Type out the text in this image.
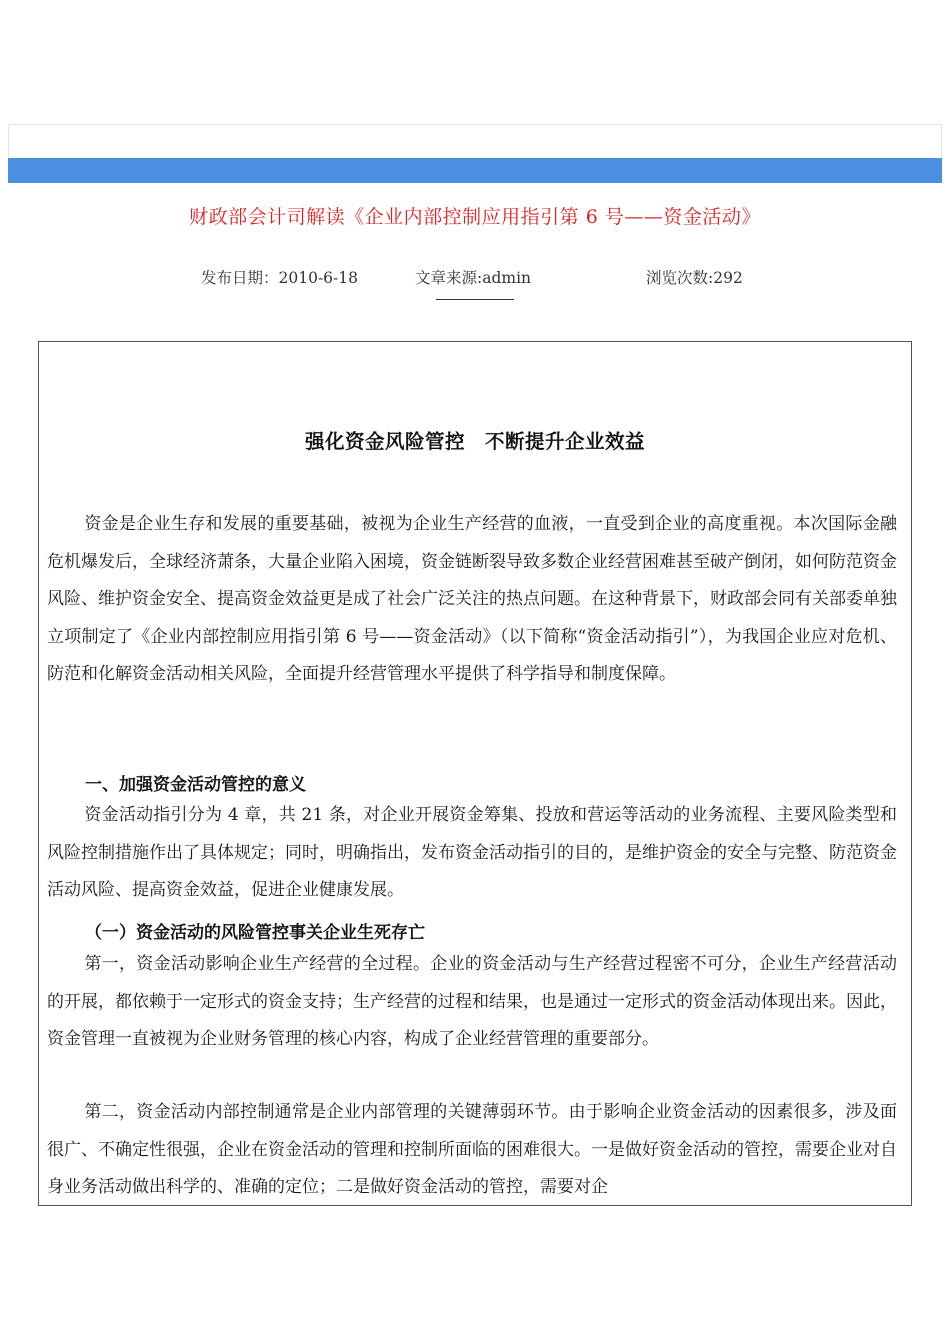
财政部会计司解读《企业内部控制应用指引第 6 号——资金活动》
发布日期：2010-6-18	文章来源:admin	浏览次数:292
强化资金风险管控　不断提升企业效益

资金是企业生存和发展的重要基础，被视为企业生产经营的血液，一直受到企业的高度重视。本次国际金融危机爆发后，全球经济萧条，大量企业陷入困境，资金链断裂导致多数企业经营困难甚至破产倒闭，如何防范资金风险、维护资金安全、提高资金效益更是成了社会广泛关注的热点问题。在这种背景下，财政部会同有关部委单独立项制定了《企业内部控制应用指引第 6 号——资金活动》（以下简称“资金活动指引”），为我国企业应对危机、防范和化解资金活动相关风险，全面提升经营管理水平提供了科学指导和制度保障。

一、加强资金活动管控的意义

资金活动指引分为 4 章，共 21 条，对企业开展资金筹集、投放和营运等活动的业务流程、主要风险类型和风险控制措施作出了具体规定；同时，明确指出，发布资金活动指引的目的，是维护资金的安全与完整、防范资金活动风险、提高资金效益，促进企业健康发展。

（一）资金活动的风险管控事关企业生死存亡

第一，资金活动影响企业生产经营的全过程。企业的资金活动与生产经营过程密不可分，企业生产经营活动的开展，都依赖于一定形式的资金支持；生产经营的过程和结果，也是通过一定形式的资金活动体现出来。因此，资金管理一直被视为企业财务管理的核心内容，构成了企业经营管理的重要部分。

第二，资金活动内部控制通常是企业内部管理的关键薄弱环节。由于影响企业资金活动的因素很多，涉及面很广、不确定性很强，企业在资金活动的管理和控制所面临的困难很大。一是做好资金活动的管控，需要企业对自身业务活动做出科学的、准确的定位；二是做好资金活动的管控，需要对企
